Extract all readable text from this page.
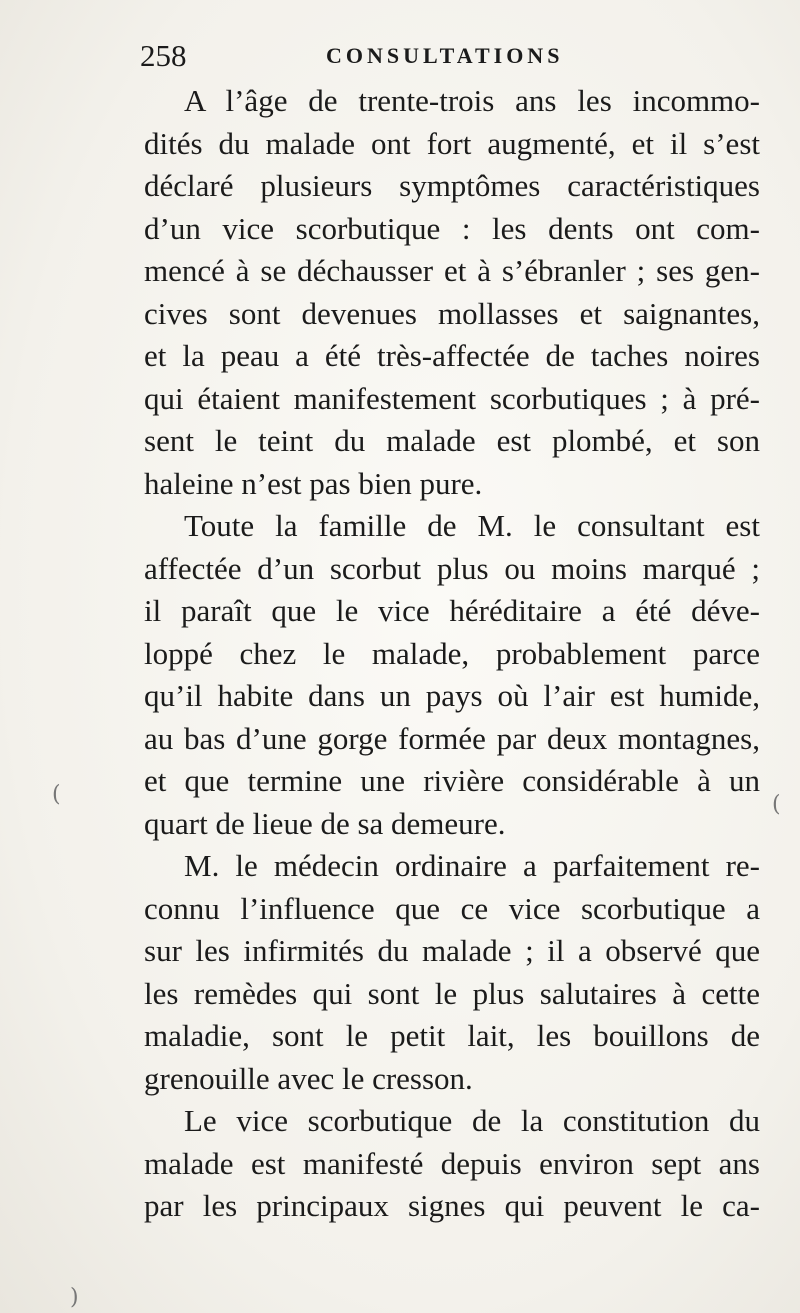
258	CONSULTATIONS
A l’âge de trente-trois ans les incommo-
dités du malade ont fort augmenté, et il s’est
déclaré plusieurs symptômes caractéristiques
d’un vice scorbutique : les dents ont com-
mencé à se déchausser et à s’ébranler ; ses gen-
cives sont devenues mollasses et saignantes,
et la peau a été très-affectée de taches noires
qui étaient manifestement scorbutiques ; à pré-
sent le teint du malade est plombé, et son
haleine n’est pas bien pure.
Toute la famille de M. le consultant est
affectée d’un scorbut plus ou moins marqué ;
il paraît que le vice héréditaire a été déve-
loppé chez le malade, probablement parce
qu’il habite dans un pays où l’air est humide,
au bas d’une gorge formée par deux montagnes,
et que termine une rivière considérable à un
quart de lieue de sa demeure.
M. le médecin ordinaire a parfaitement re-
connu l’influence que ce vice scorbutique a
sur les infirmités du malade ; il a observé que
les remèdes qui sont le plus salutaires à cette
maladie, sont le petit lait, les bouillons de
grenouille avec le cresson.
Le vice scorbutique de la constitution du
malade est manifesté depuis environ sept ans
par les principaux signes qui peuvent le ca-
(	(
)
